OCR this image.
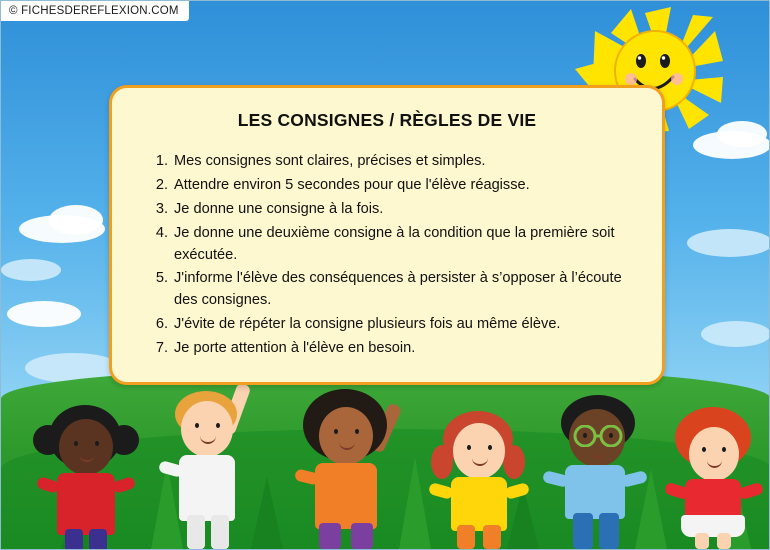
LES CONSIGNES / RÈGLES DE VIE
1. Mes consignes sont claires, précises et simples.
2. Attendre environ 5 secondes pour que l'élève réagisse.
3. Je donne une consigne à la fois.
4. Je donne une deuxième consigne à la condition que la première soit exécutée.
5. J'informe l'élève des conséquences à persister à s’opposer à l’écoute des consignes.
6. J'évite de répéter la consigne plusieurs fois au même élève.
7. Je porte attention à l'élève en besoin.
© FICHESDEREFLEXION.COM
